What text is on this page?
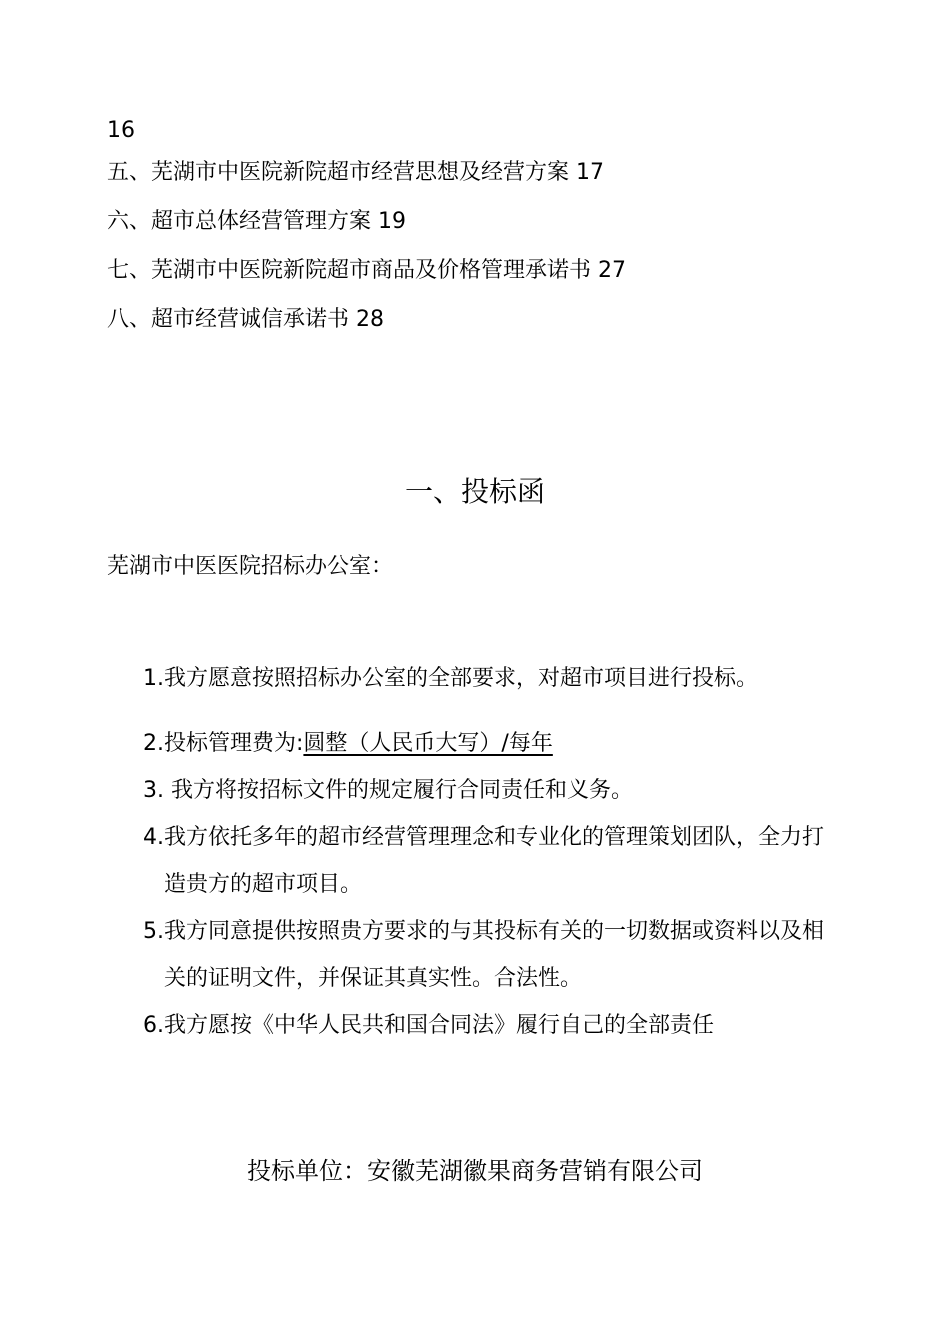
16
五、芜湖市中医院新院超市经营思想及经营方案 17
六、超市总体经营管理方案 19
七、芜湖市中医院新院超市商品及价格管理承诺书 27
八、超市经营诚信承诺书 28
一、投标函
芜湖市中医医院招标办公室：
1.我方愿意按照招标办公室的全部要求，对超市项目进行投标。
2.投标管理费为:圆整（人民币大写）/每年
3. 我方将按招标文件的规定履行合同责任和义务。
4.我方依托多年的超市经营管理理念和专业化的管理策划团队，全力打
造贵方的超市项目。
5.我方同意提供按照贵方要求的与其投标有关的一切数据或资料以及相
关的证明文件，并保证其真实性。合法性。
6.我方愿按《中华人民共和国合同法》履行自己的全部责任
投标单位：安徽芜湖徽果商务营销有限公司
